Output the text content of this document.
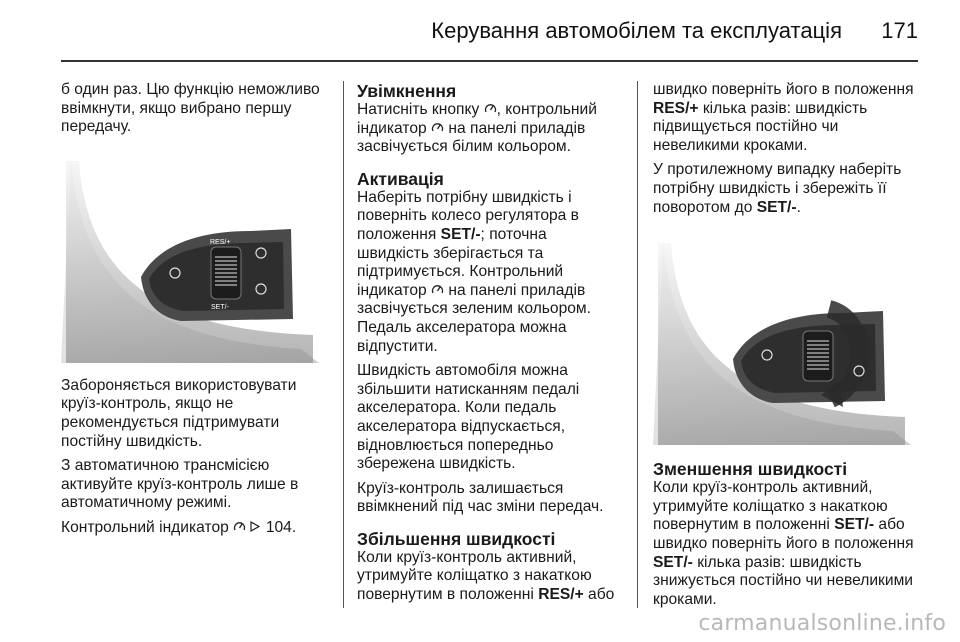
Керування автомобілем та експлуатація 171

б один раз. Цю функцію неможливо ввімкнути, якщо вибрано першу передачу.

RES/+
SET/-

Забороняється використовувати круїз-контроль, якщо не рекомендується підтримувати постійну швидкість.

З автоматичною трансмісією активуйте круїз-контроль лише в автоматичному режимі.

Контрольний індикатор 104.

Увімкнення

Натисніть кнопку , контрольний індикатор на панелі приладів засвічується білим кольором.

Активація

Наберіть потрібну швидкість і поверніть колесо регулятора в положення SET/-; поточна швидкість зберігається та підтримується. Контрольний індикатор на панелі приладів засвічується зеленим кольором. Педаль акселератора можна відпустити.

Швидкість автомобіля можна збільшити натисканням педалі акселератора. Коли педаль акселератора відпускається, відновлюється попередньо збережена швидкість.

Круїз-контроль залишається ввімкнений під час зміни передач.

Збільшення швидкості

Коли круїз-контроль активний, утримуйте коліщатко з накаткою повернутим в положенні RES/+ або

швидко поверніть його в положення RES/+ кілька разів: швидкість підвищується постійно чи невеликими кроками.

У протилежному випадку наберіть потрібну швидкість і збережіть її поворотом до SET/-.

Зменшення швидкості

Коли круїз-контроль активний, утримуйте коліщатко з накаткою повернутим в положенні SET/- або швидко поверніть його в положення SET/- кілька разів: швидкість знижується постійно чи невеликими кроками.

carmanualsonline.info
